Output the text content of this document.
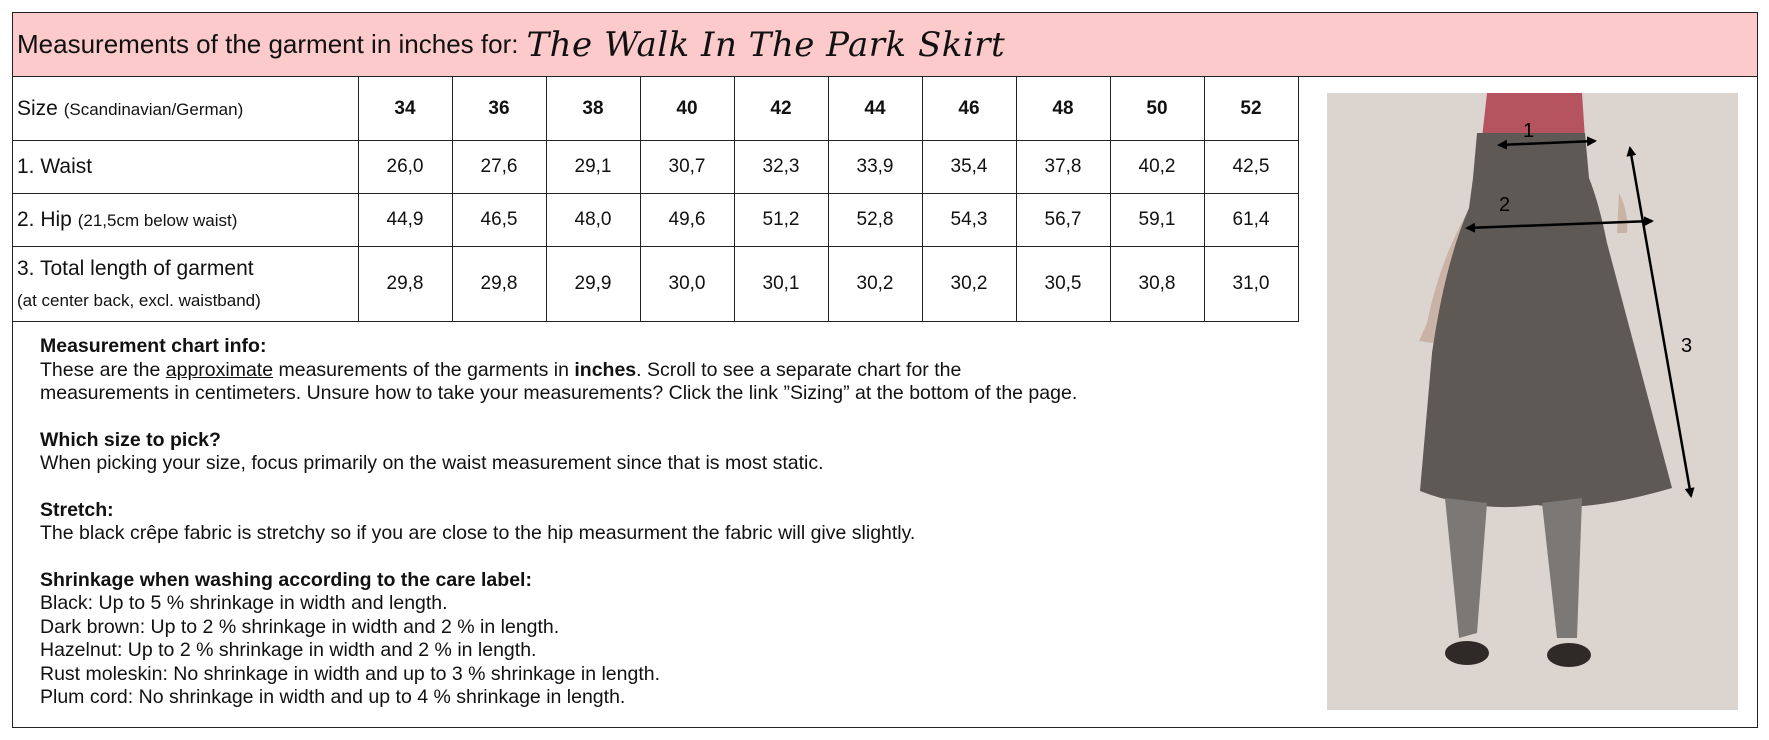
Measurements of the garment in inches for: The Walk In The Park Skirt
Size (Scandinavian/German)	34	36	38	40	42	44	46	48	50	52
1. Waist	26,0	27,6	29,1	30,7	32,3	33,9	35,4	37,8	40,2	42,5
2. Hip (21,5cm below waist)	44,9	46,5	48,0	49,6	51,2	52,8	54,3	56,7	59,1	61,4
3. Total length of garment
(at center back, excl. waistband)	29,8	29,8	29,9	30,0	30,1	30,2	30,2	30,5	30,8	31,0
Measurement chart info:
These are the approximate measurements of the garments in inches. Scroll to see a separate chart for the
measurements in centimeters. Unsure how to take your measurements? Click the link ”Sizing” at the bottom of the page.
Which size to pick?
When picking your size, focus primarily on the waist measurement since that is most static.
Stretch:
The black crêpe fabric is stretchy so if you are close to the hip measurment the fabric will give slightly.
Shrinkage when washing according to the care label:
Black: Up to 5 % shrinkage in width and length.
Dark brown: Up to 2 % shrinkage in width and 2 % in length.
Hazelnut: Up to 2 % shrinkage in width and 2 % in length.
Rust moleskin: No shrinkage in width and up to 3 % shrinkage in length.
Plum cord: No shrinkage in width and up to 4 % shrinkage in length.
1
2
3
